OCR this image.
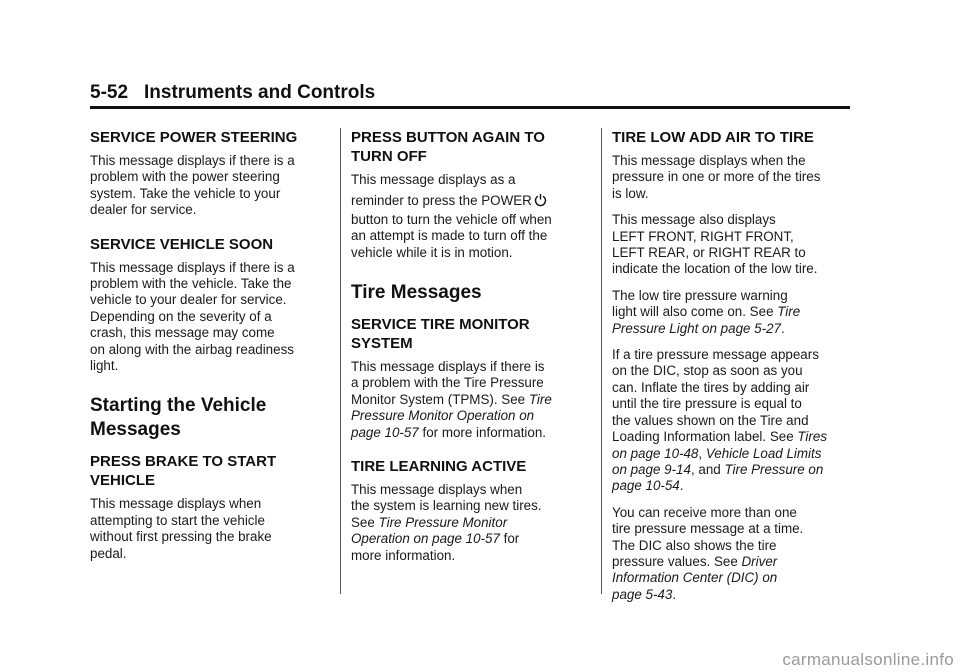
5-52 Instruments and Controls
SERVICE POWER STEERING

This message displays if there is a
problem with the power steering
system. Take the vehicle to your
dealer for service.

SERVICE VEHICLE SOON

This message displays if there is a
problem with the vehicle. Take the
vehicle to your dealer for service.
Depending on the severity of a
crash, this message may come
on along with the airbag readiness
light.

Starting the Vehicle
Messages
PRESS BRAKE TO START
VEHICLE

This message displays when
attempting to start the vehicle
without first pressing the brake
pedal.

PRESS BUTTON AGAIN TO
TURN OFF

This message displays as a
reminder to press the POWER
button to turn the vehicle off when
an attempt is made to turn off the
vehicle while it is in motion.

Tire Messages
SERVICE TIRE MONITOR
SYSTEM

This message displays if there is
a problem with the Tire Pressure
Monitor System (TPMS). See Tire
Pressure Monitor Operation on
page 10-57 for more information.

TIRE LEARNING ACTIVE

This message displays when
the system is learning new tires.
See Tire Pressure Monitor
Operation on page 10-57 for
more information.

TIRE LOW ADD AIR TO TIRE

This message displays when the
pressure in one or more of the tires
is low.

This message also displays
LEFT FRONT, RIGHT FRONT,
LEFT REAR, or RIGHT REAR to
indicate the location of the low tire.

The low tire pressure warning
light will also come on. See Tire
Pressure Light on page 5-27.

If a tire pressure message appears
on the DIC, stop as soon as you
can. Inflate the tires by adding air
until the tire pressure is equal to
the values shown on the Tire and
Loading Information label. See Tires
on page 10-48, Vehicle Load Limits
on page 9-14, and Tire Pressure on
page 10-54.

You can receive more than one
tire pressure message at a time.
The DIC also shows the tire
pressure values. See Driver
Information Center (DIC) on
page 5-43.

carmanualsonline.info
